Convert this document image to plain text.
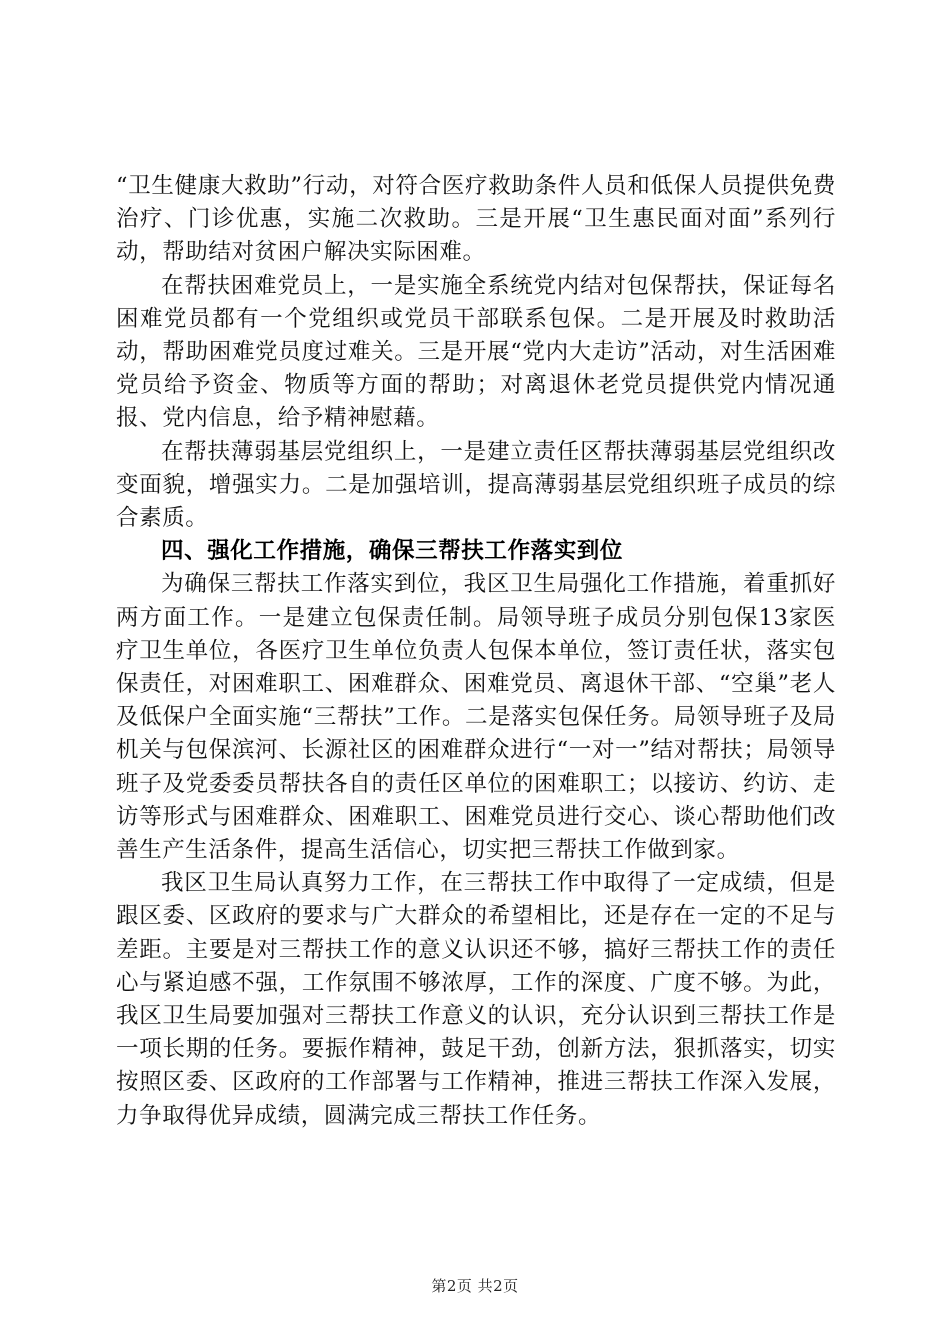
“卫生健康大救助”行动，对符合医疗救助条件人员和低保人员提供免费治疗、门诊优惠，实施二次救助。三是开展“卫生惠民面对面”系列行动，帮助结对贫困户解决实际困难。

在帮扶困难党员上，一是实施全系统党内结对包保帮扶，保证每名困难党员都有一个党组织或党员干部联系包保。二是开展及时救助活动，帮助困难党员度过难关。三是开展“党内大走访”活动，对生活困难党员给予资金、物质等方面的帮助；对离退休老党员提供党内情况通报、党内信息，给予精神慰藉。

在帮扶薄弱基层党组织上，一是建立责任区帮扶薄弱基层党组织改变面貌，增强实力。二是加强培训，提高薄弱基层党组织班子成员的综合素质。

四、强化工作措施，确保三帮扶工作落实到位

为确保三帮扶工作落实到位，我区卫生局强化工作措施，着重抓好两方面工作。一是建立包保责任制。局领导班子成员分别包保13家医疗卫生单位，各医疗卫生单位负责人包保本单位，签订责任状，落实包保责任，对困难职工、困难群众、困难党员、离退休干部、“空巢”老人及低保户全面实施“三帮扶”工作。二是落实包保任务。局领导班子及局机关与包保滨河、长源社区的困难群众进行“一对一”结对帮扶；局领导班子及党委委员帮扶各自的责任区单位的困难职工；以接访、约访、走访等形式与困难群众、困难职工、困难党员进行交心、谈心帮助他们改善生产生活条件，提高生活信心，切实把三帮扶工作做到家。

我区卫生局认真努力工作，在三帮扶工作中取得了一定成绩，但是跟区委、区政府的要求与广大群众的希望相比，还是存在一定的不足与差距。主要是对三帮扶工作的意义认识还不够，搞好三帮扶工作的责任心与紧迫感不强，工作氛围不够浓厚，工作的深度、广度不够。为此，我区卫生局要加强对三帮扶工作意义的认识，充分认识到三帮扶工作是一项长期的任务。要振作精神，鼓足干劲，创新方法，狠抓落实，切实按照区委、区政府的工作部署与工作精神，推进三帮扶工作深入发展，力争取得优异成绩，圆满完成三帮扶工作任务。

第2页 共2页
